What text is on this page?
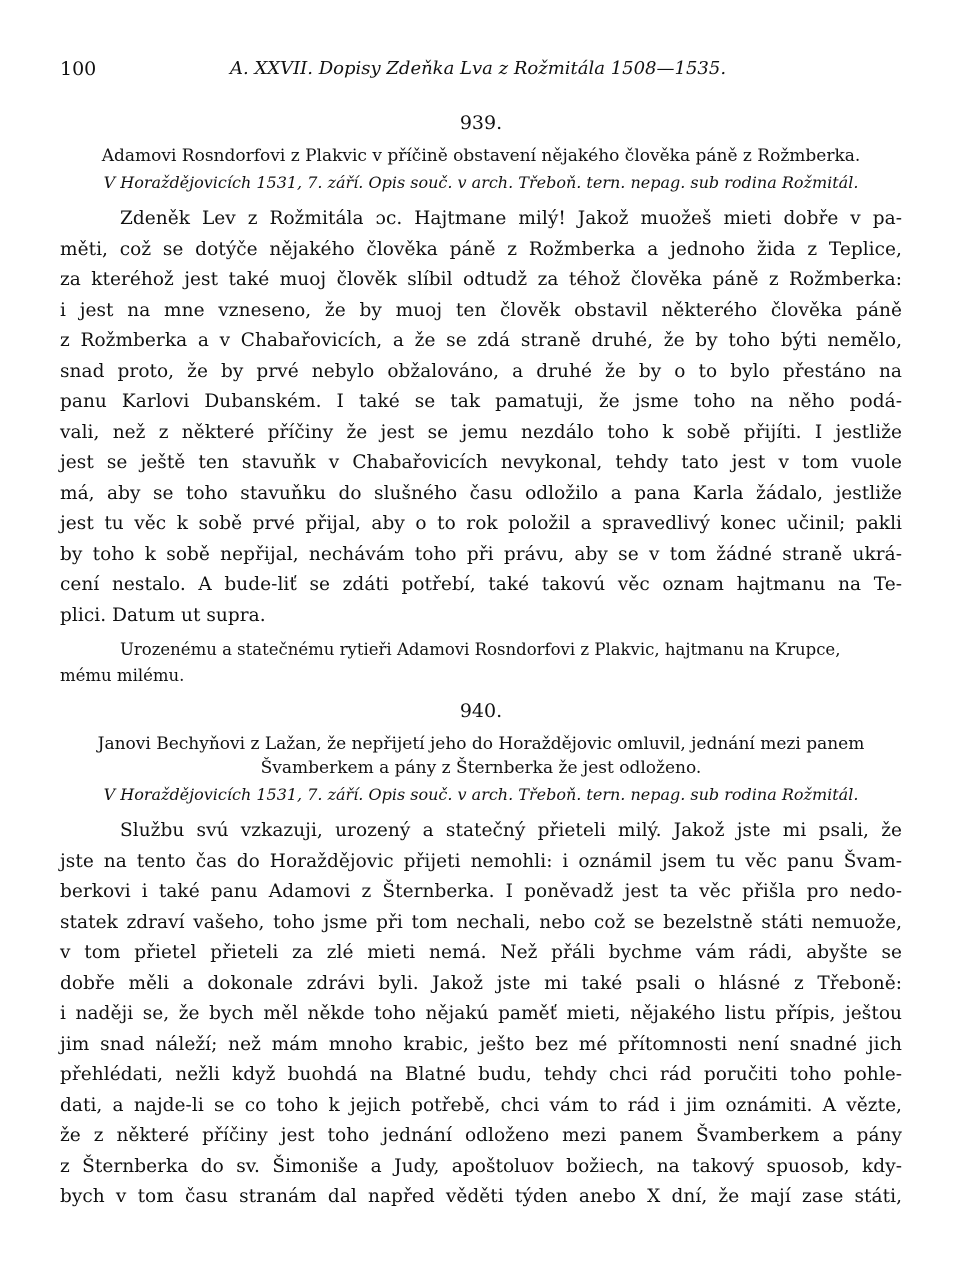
100	A. XXVII. Dopisy Zdeňka Lva z Rožmitála 1508—1535.

939.

Adamovi Rosndorfovi z Plakvic v příčině obstavení nějakého člověka páně z Rožmberka.

V Horaždějovicích 1531, 7. září. Opis souč. v arch. Třeboň. tern. nepag. sub rodina Rožmitál.

Zdeněk Lev z Rožmitála ɔc. Hajtmane milý! Jakož muožeš mieti dobře v pa-
měti, což se dotýče nějakého člověka páně z Rožmberka a jednoho žida z Teplice,
za kteréhož jest také muoj člověk slíbil odtudž za téhož člověka páně z Rožmberka:
i jest na mne vzneseno, že by muoj ten člověk obstavil některého člověka páně
z Rožmberka a v Chabařovicích, a že se zdá straně druhé, že by toho býti nemělo,
snad proto, že by prvé nebylo obžalováno, a druhé že by o to bylo přestáno na
panu Karlovi Dubanském. I také se tak pamatuji, že jsme toho na něho podá-
vali, než z některé příčiny že jest se jemu nezdálo toho k sobě přijíti. I jestliže
jest se ještě ten stavuňk v Chabařovicích nevykonal, tehdy tato jest v tom vuole
má, aby se toho stavuňku do slušného času odložilo a pana Karla žádalo, jestliže
jest tu věc k sobě prvé přijal, aby o to rok položil a spravedlivý konec učinil; pakli
by toho k sobě nepřijal, nechávám toho při právu, aby se v tom žádné straně ukrá-
cení nestalo. A bude-liť se zdáti potřebí, také takovú věc oznam hajtmanu na Te-
plici. Datum ut supra.
Urozenému a statečnému rytieři Adamovi Rosndorfovi z Plakvic, hajtmanu na Krupce,
mému milému.

940.

Janovi Bechyňovi z Lažan, že nepřijetí jeho do Horaždějovic omluvil, jednání mezi panem
Švamberkem a pány z Šternberka že jest odloženo.

V Horaždějovicích 1531, 7. září. Opis souč. v arch. Třeboň. tern. nepag. sub rodina Rožmitál.

Službu svú vzkazuji, urozený a statečný přieteli milý. Jakož jste mi psali, že
jste na tento čas do Horaždějovic přijeti nemohli: i oznámil jsem tu věc panu Švam-
berkovi i také panu Adamovi z Šternberka. I poněvadž jest ta věc přišla pro nedo-
statek zdraví vašeho, toho jsme při tom nechali, nebo což se bezelstně státi nemuože,
v tom přietel přieteli za zlé mieti nemá. Než přáli bychme vám rádi, abyšte se
dobře měli a dokonale zdrávi byli. Jakož jste mi také psali o hlásné z Třeboně:
i naději se, že bych měl někde toho nějakú paměť mieti, nějakého listu přípis, ještou
jim snad náleží; než mám mnoho krabic, ješto bez mé přítomnosti není snadné jich
přehlédati, nežli když buohdá na Blatné budu, tehdy chci rád poručiti toho pohle-
dati, a najde-li se co toho k jejich potřebě, chci vám to rád i jim oznámiti. A vězte,
že z některé příčiny jest toho jednání odloženo mezi panem Švamberkem a pány
z Šternberka do sv. Šimoniše a Judy, apoštoluov božiech, na takový spuosob, kdy-
bych v tom času stranám dal napřed věděti týden anebo X dní, že mají zase státi,
